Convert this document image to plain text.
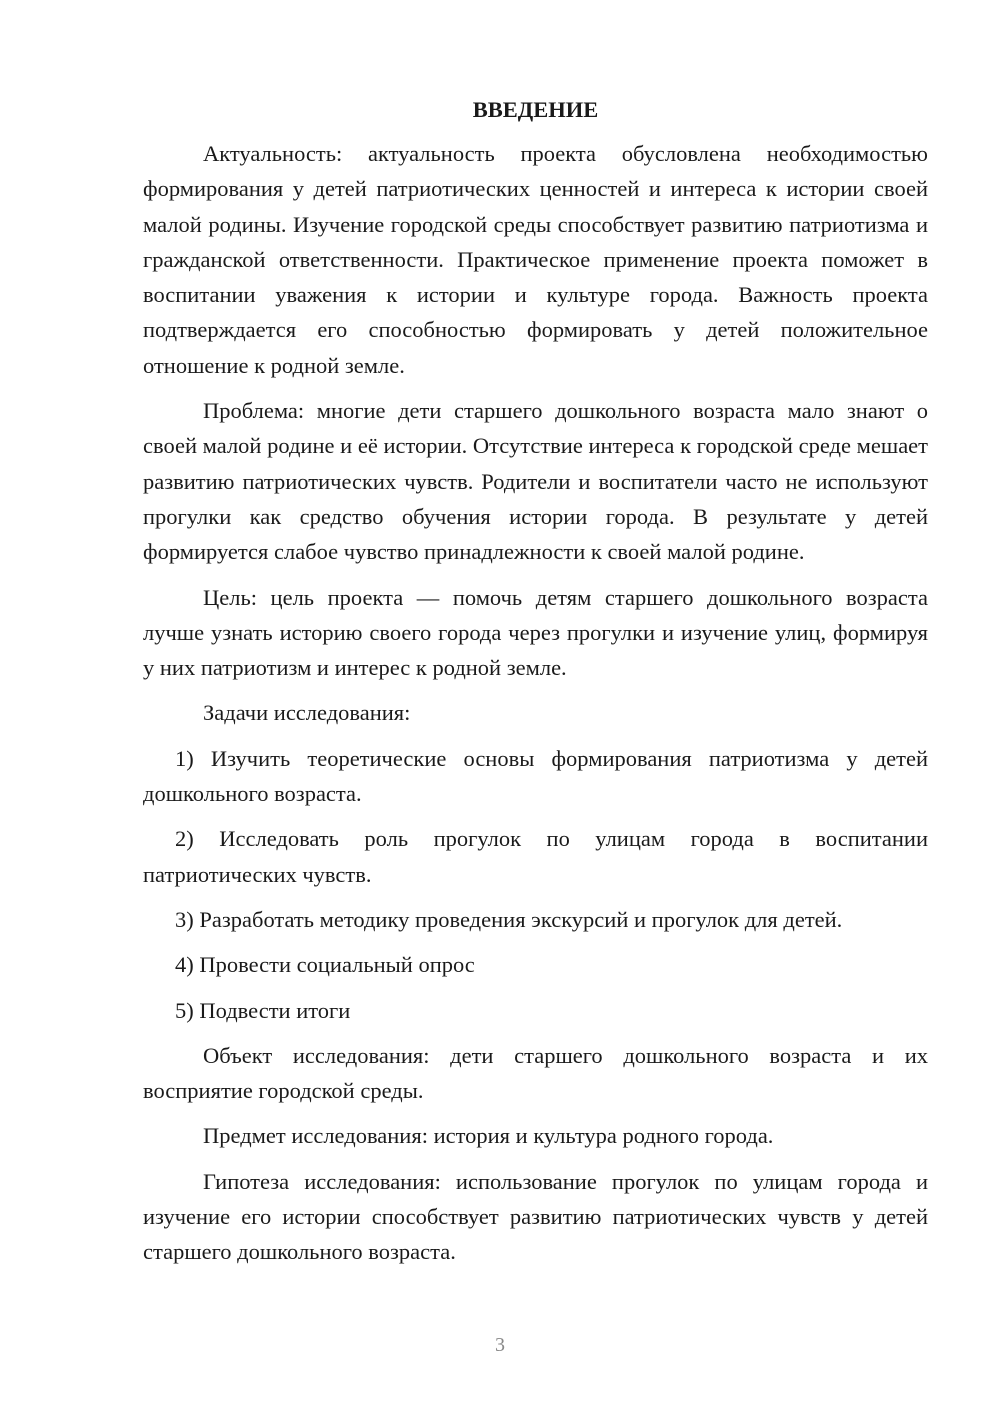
ВВЕДЕНИЕ

Актуальность: актуальность проекта обусловлена необходимостью формирования у детей патриотических ценностей и интереса к истории своей малой родины. Изучение городской среды способствует развитию патриотизма и гражданской ответственности. Практическое применение проекта поможет в воспитании уважения к истории и культуре города. Важность проекта подтверждается его способностью формировать у детей положительное отношение к родной земле.

Проблема: многие дети старшего дошкольного возраста мало знают о своей малой родине и её истории. Отсутствие интереса к городской среде мешает развитию патриотических чувств. Родители и воспитатели часто не используют прогулки как средство обучения истории города. В результате у детей формируется слабое чувство принадлежности к своей малой родине.

Цель: цель проекта — помочь детям старшего дошкольного возраста лучше узнать историю своего города через прогулки и изучение улиц, формируя у них патриотизм и интерес к родной земле.

Задачи исследования:

1) Изучить теоретические основы формирования патриотизма у детей дошкольного возраста.

2) Исследовать роль прогулок по улицам города в воспитании патриотических чувств.

3) Разработать методику проведения экскурсий и прогулок для детей.

4) Провести социальный опрос

5) Подвести итоги

Объект исследования: дети старшего дошкольного возраста и их восприятие городской среды.

Предмет исследования: история и культура родного города.

Гипотеза исследования: использование прогулок по улицам города и изучение его истории способствует развитию патриотических чувств у детей старшего дошкольного возраста.

3
